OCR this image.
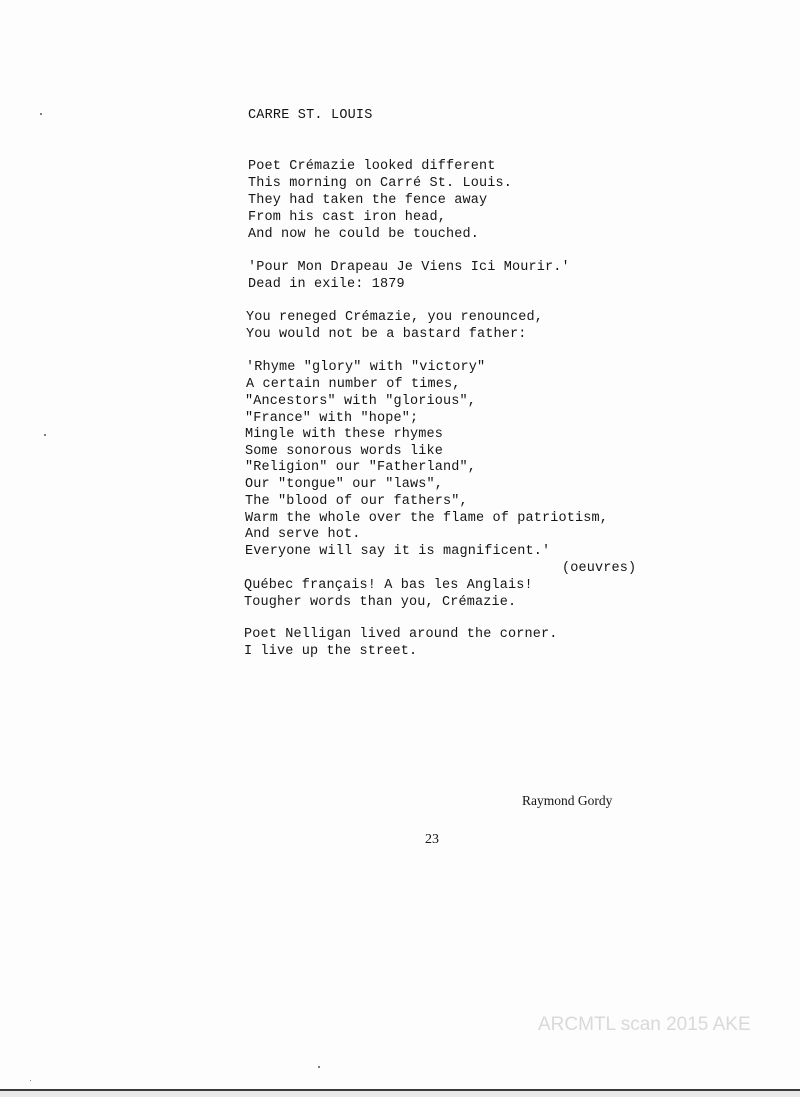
CARRE ST. LOUIS
Poet Crémazie looked different
This morning on Carré St. Louis.
They had taken the fence away
From his cast iron head,
And now he could be touched.
'Pour Mon Drapeau Je Viens Ici Mourir.'
Dead in exile: 1879
You reneged Crémazie, you renounced,
You would not be a bastard father:
'Rhyme "glory" with "victory"
A certain number of times,
"Ancestors" with "glorious",
"France" with "hope";
Mingle with these rhymes
Some sonorous words like
"Religion" our "Fatherland",
Our "tongue" our "laws",
The "blood of our fathers",
Warm the whole over the flame of patriotism,
And serve hot.
Everyone will say it is magnificent.'
(oeuvres)
Québec français! A bas les Anglais!
Tougher words than you, Crémazie.
Poet Nelligan lived around the corner.
I live up the street.
Raymond Gordy
23
ARCMTL scan 2015 AKE
